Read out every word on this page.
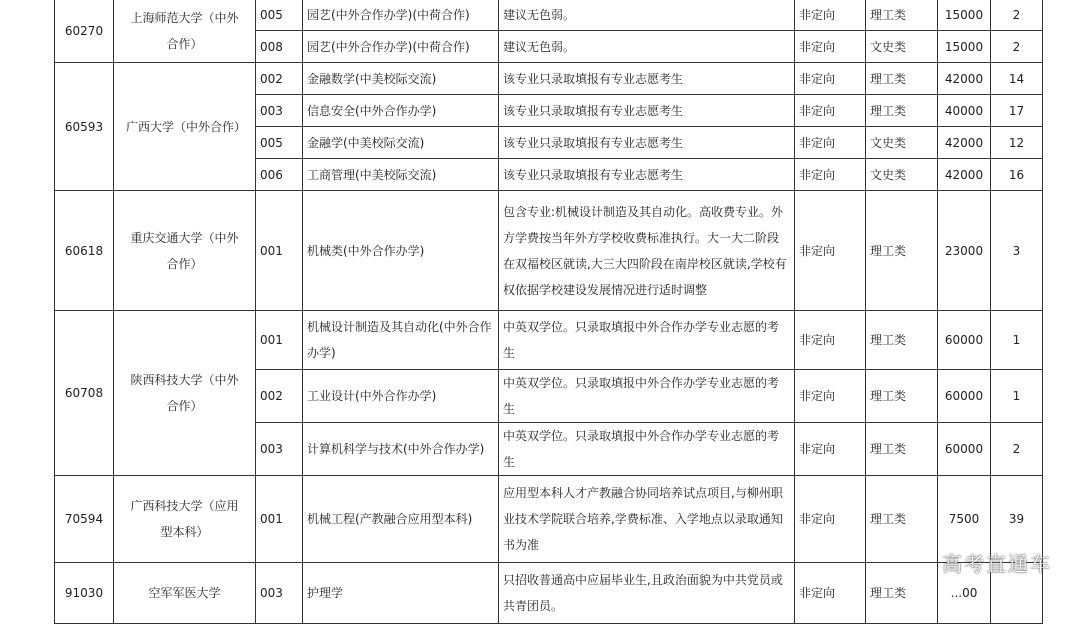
60270	上海师范大学（中外合作）	005	园艺(中外合作办学)(中荷合作)	建议无色弱。	非定向	理工类	15000	2
		008	园艺(中外合作办学)(中荷合作)	建议无色弱。	非定向	文史类	15000	2
60593	广西大学（中外合作）	002	金融数学(中美校际交流)	该专业只录取填报有专业志愿考生	非定向	理工类	42000	14
		003	信息安全(中外合作办学)	该专业只录取填报有专业志愿考生	非定向	理工类	40000	17
		005	金融学(中美校际交流)	该专业只录取填报有专业志愿考生	非定向	文史类	42000	12
		006	工商管理(中美校际交流)	该专业只录取填报有专业志愿考生	非定向	文史类	42000	16
60618	重庆交通大学（中外合作）	001	机械类(中外合作办学)	包含专业:机械设计制造及其自动化。高收费专业。外方学费按当年外方学校收费标准执行。大一大二阶段在双福校区就读,大三大四阶段在南岸校区就读,学校有权依据学校建设发展情况进行适时调整	非定向	理工类	23000	3
60708	陕西科技大学（中外合作）	001	机械设计制造及其自动化(中外合作办学)	中英双学位。只录取填报中外合作办学专业志愿的考生	非定向	理工类	60000	1
		002	工业设计(中外合作办学)	中英双学位。只录取填报中外合作办学专业志愿的考生	非定向	理工类	60000	1
		003	计算机科学与技术(中外合作办学)	中英双学位。只录取填报中外合作办学专业志愿的考生	非定向	理工类	60000	2
70594	广西科技大学（应用型本科）	001	机械工程(产教融合应用型本科)	应用型本科人才产教融合协同培养试点项目,与柳州职业技术学院联合培养,学费标准、入学地点以录取通知书为准	非定向	理工类	7500	39
91030	空军军医大学	003	护理学	只招收普通高中应届毕业生,且政治面貌为中共党员或共青团员。	非定向	理工类	...00	
高考直通车
